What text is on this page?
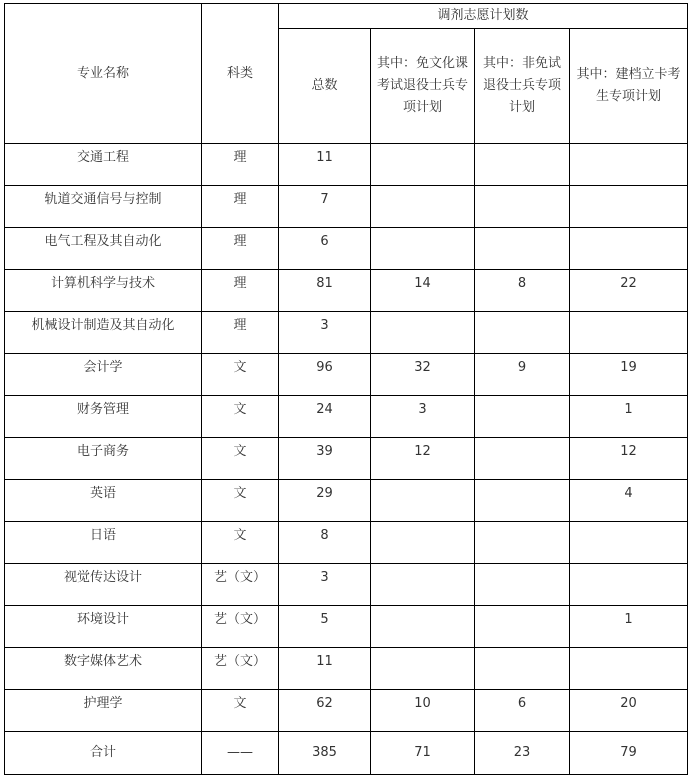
专业名称	科类	调剂志愿计划数			
		总数	其中：免文化课考试退役士兵专项计划	其中：非免试退役士兵专项计划	其中：建档立卡考生专项计划
交通工程	理	11			
轨道交通信号与控制	理	7			
电气工程及其自动化	理	6			
计算机科学与技术	理	81	14	8	22
机械设计制造及其自动化	理	3			
会计学	文	96	32	9	19
财务管理	文	24	3		1
电子商务	文	39	12		12
英语	文	29			4
日语	文	8			
视觉传达设计	艺（文）	3			
环境设计	艺（文）	5			1
数字媒体艺术	艺（文）	11			
护理学	文	62	10	6	20
合计	——	385	71	23	79
